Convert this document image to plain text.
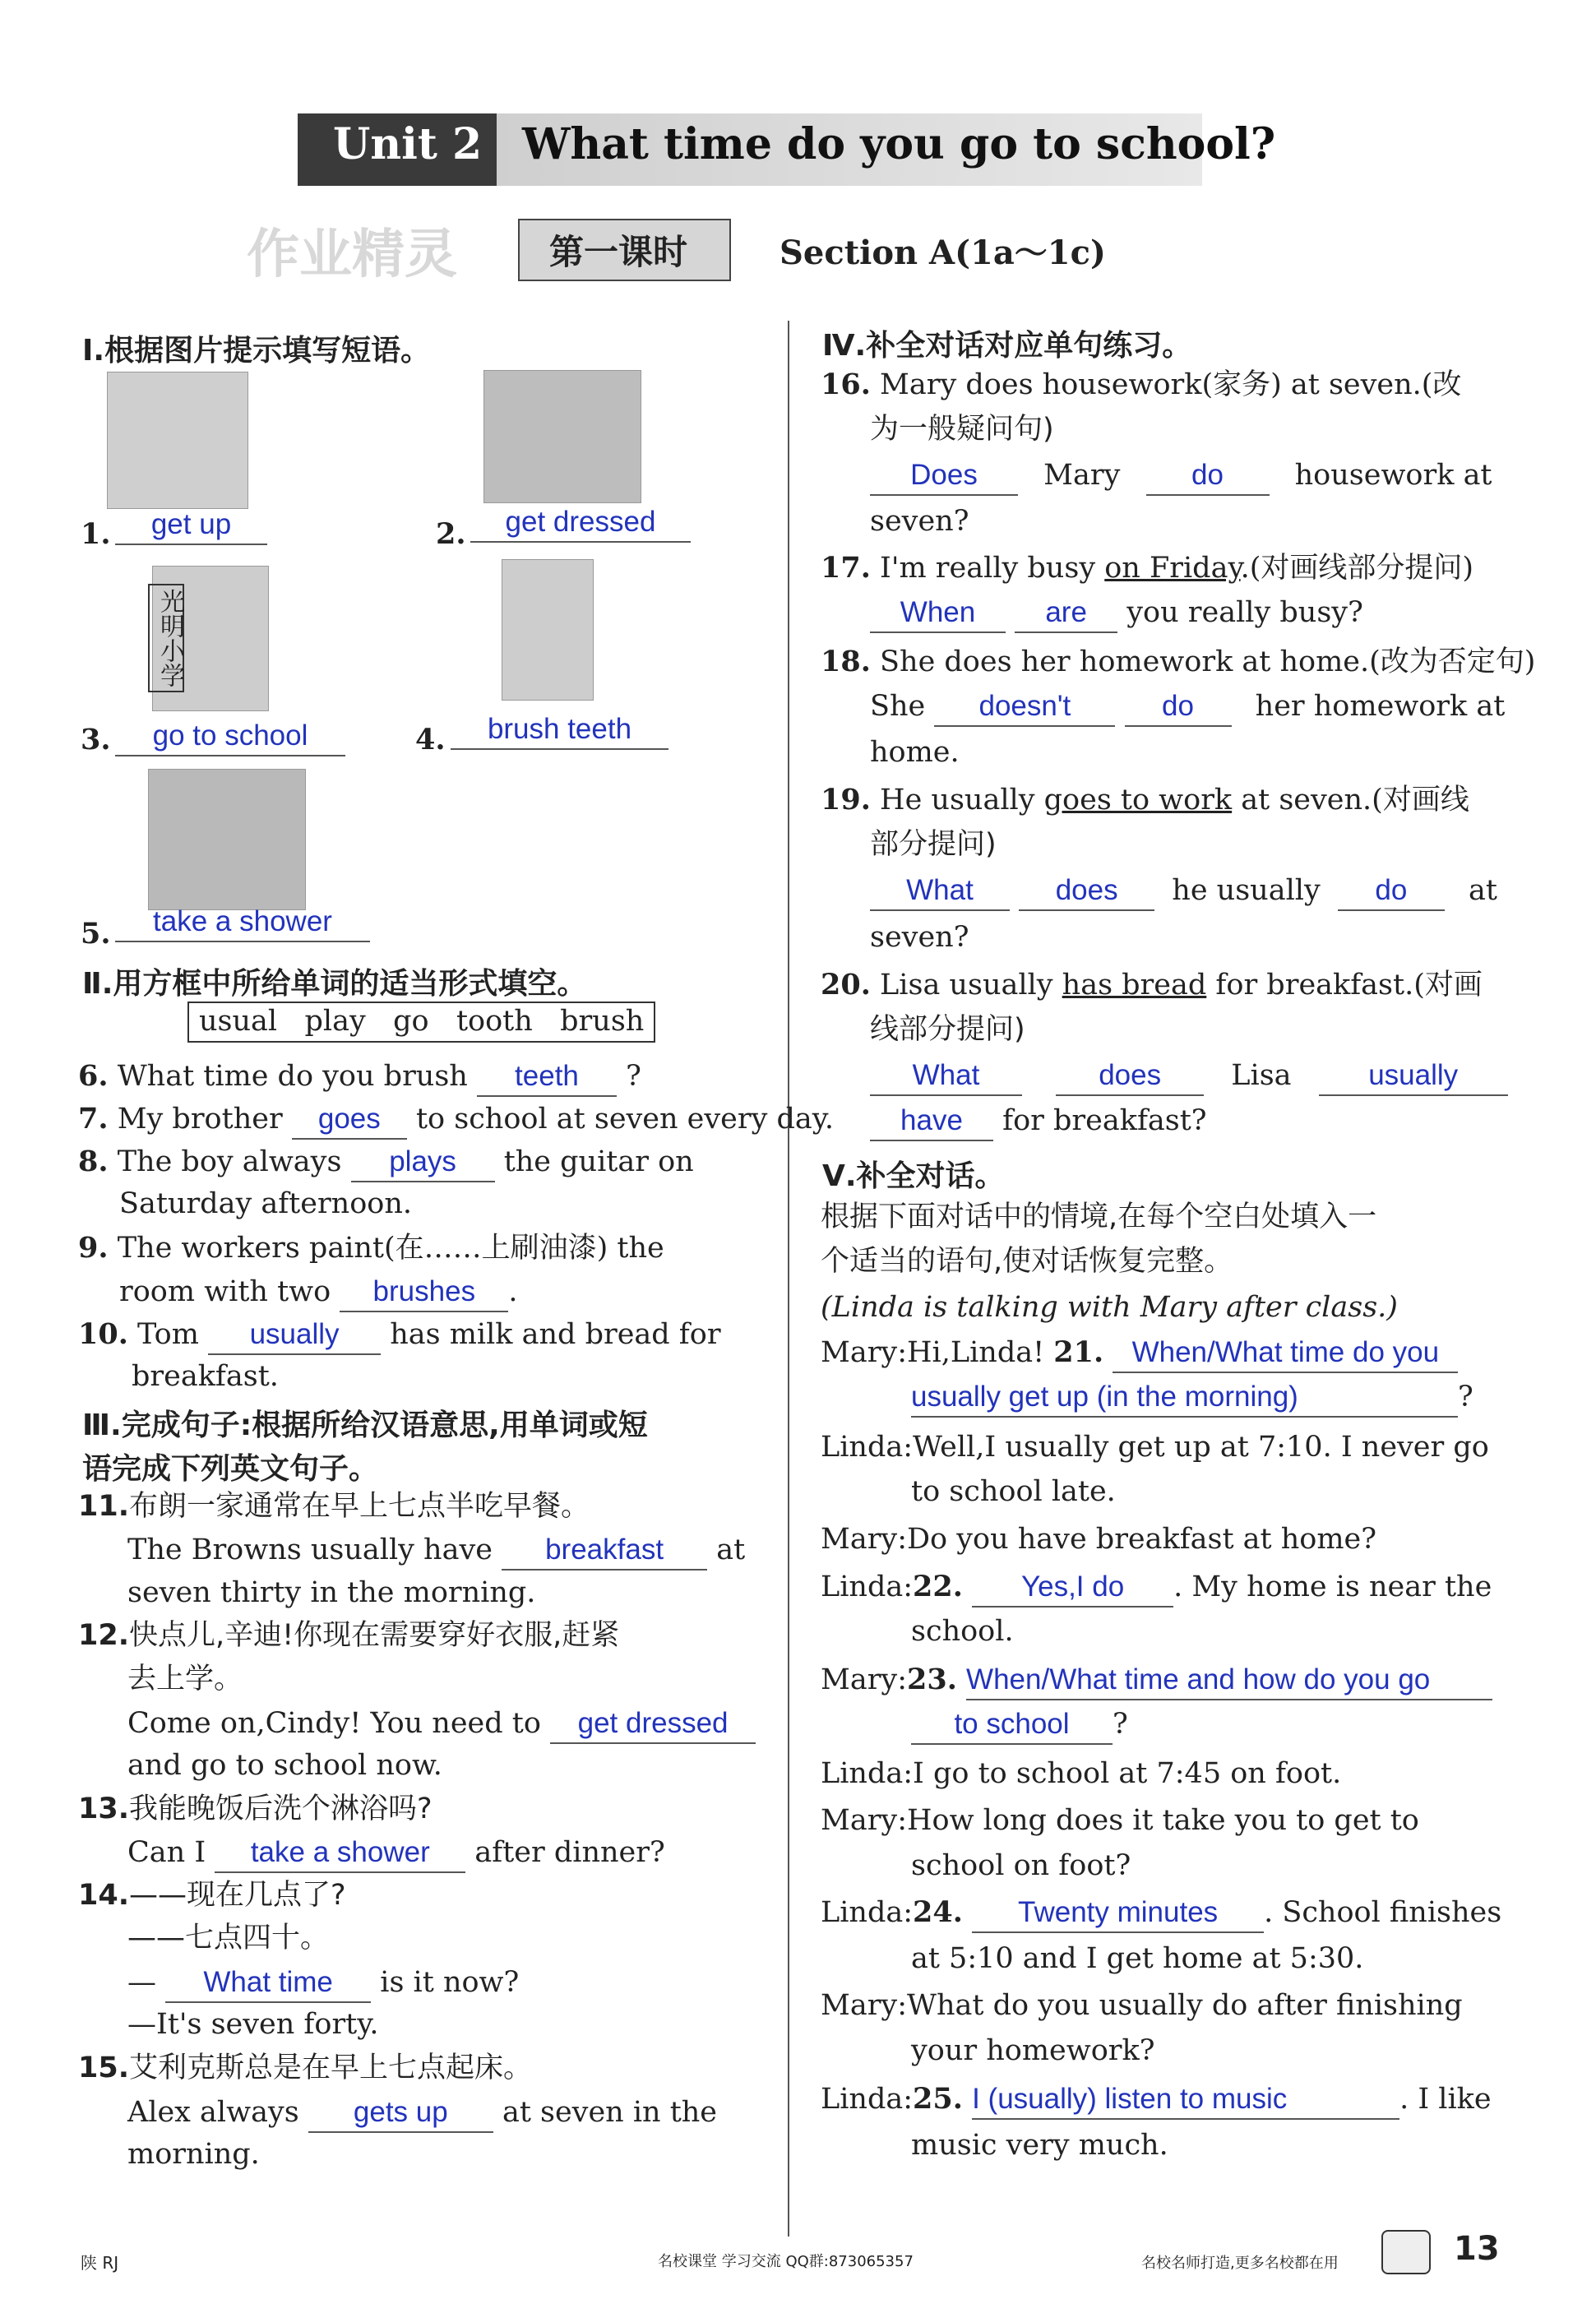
Unit 2 What time do you go to school?
作业精灵	第一课时	Section A(1a～1c)
Ⅰ.根据图片提示填写短语。
光明小学
1.	get up	2.	get dressed
3.	go to school	4.	brush teeth
5.	take a shower
Ⅱ.用方框中所给单词的适当形式填空。
usual   play   go   tooth   brush
6. What time do you brush teeth ?
7. My brother goes to school at seven every day.
8. The boy always plays the guitar on
Saturday afternoon.
9. The workers paint(在……上刷油漆) the
room with two brushes .
10. Tom usually has milk and bread for
breakfast.
Ⅲ.完成句子:根据所给汉语意思,用单词或短
语完成下列英文句子。
11.布朗一家通常在早上七点半吃早餐。
The Browns usually have breakfast at
seven thirty in the morning.
12.快点儿,辛迪!你现在需要穿好衣服,赶紧
去上学。
Come on,Cindy! You need to get dressed
and go to school now.
13.我能晚饭后洗个淋浴吗?
Can I take a shower after dinner?
14.——现在几点了?
——七点四十。
— What time is it now?
—It's seven forty.
15.艾利克斯总是在早上七点起床。
Alex always gets up at seven in the
morning.
Ⅳ.补全对话对应单句练习。
16. Mary does housework(家务) at seven.(改
为一般疑问句)
Does Mary do housework at
seven?
17. I'm really busy on Friday.(对画线部分提问)
When are you really busy?
18. She does her homework at home.(改为否定句)
She doesn't	do her homework at
home.
19. He usually goes to work at seven.(对画线
部分提问)
What	does he usually do at
seven?
20. Lisa usually has bread for breakfast.(对画
线部分提问)
What	does Lisa	usually
have for breakfast?
Ⅴ.补全对话。
根据下面对话中的情境,在每个空白处填入一
个适当的语句,使对话恢复完整。
(Linda is talking with Mary after class.)
Mary:Hi,Linda! 21. When/What time do you
usually get up (in the morning)	?
Linda:Well,I usually get up at 7:10. I never go
to school late.
Mary:Do you have breakfast at home?
Linda:22. Yes,I do . My home is near the
school.
Mary:23. When/What time and how do you go
to school ?
Linda:I go to school at 7:45 on foot.
Mary:How long does it take you to get to
school on foot?
Linda:24. Twenty minutes . School finishes
at 5:10 and I get home at 5:30.
Mary:What do you usually do after finishing
your homework?
Linda:25. I (usually) listen to music	. I like
music very much.
陕 RJ	名校课堂 学习交流 QQ群:873065357	名校名师打造,更多名校都在用	13
